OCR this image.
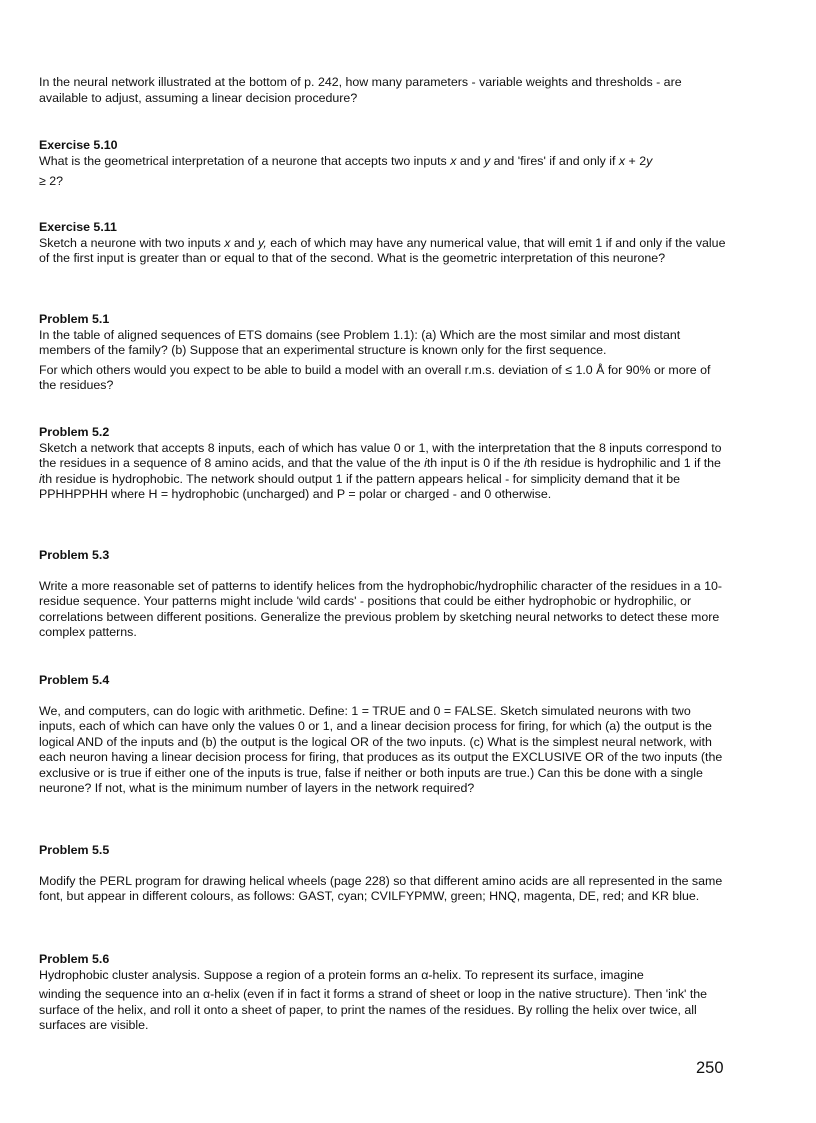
In the neural network illustrated at the bottom of p. 242, how many parameters - variable weights and thresholds - are available to adjust, assuming a linear decision procedure?
Exercise 5.10
What is the geometrical interpretation of a neurone that accepts two inputs x and y and 'fires' if and only if x + 2y
≥ 2?
Exercise 5.11
Sketch a neurone with two inputs x and y, each of which may have any numerical value, that will emit 1 if and only if the value of the first input is greater than or equal to that of the second. What is the geometric interpretation of this neurone?
Problem 5.1
In the table of aligned sequences of ETS domains (see Problem 1.1): (a) Which are the most similar and most distant members of the family? (b) Suppose that an experimental structure is known only for the first sequence.
For which others would you expect to be able to build a model with an overall r.m.s. deviation of ≤ 1.0 Å for 90% or more of the residues?
Problem 5.2
Sketch a network that accepts 8 inputs, each of which has value 0 or 1, with the interpretation that the 8 inputs correspond to the residues in a sequence of 8 amino acids, and that the value of the ith input is 0 if the ith residue is hydrophilic and 1 if the ith residue is hydrophobic. The network should output 1 if the pattern appears helical - for simplicity demand that it be PPHHPPHH where H = hydrophobic (uncharged) and P = polar or charged - and 0 otherwise.
Problem 5.3
Write a more reasonable set of patterns to identify helices from the hydrophobic/hydrophilic character of the residues in a 10-residue sequence. Your patterns might include 'wild cards' - positions that could be either hydrophobic or hydrophilic, or correlations between different positions. Generalize the previous problem by sketching neural networks to detect these more complex patterns.
Problem 5.4
We, and computers, can do logic with arithmetic. Define: 1 = TRUE and 0 = FALSE. Sketch simulated neurons with two inputs, each of which can have only the values 0 or 1, and a linear decision process for firing, for which (a) the output is the logical AND of the inputs and (b) the output is the logical OR of the two inputs. (c) What is the simplest neural network, with each neuron having a linear decision process for firing, that produces as its output the EXCLUSIVE OR of the two inputs (the exclusive or is true if either one of the inputs is true, false if neither or both inputs are true.) Can this be done with a single neurone? If not, what is the minimum number of layers in the network required?
Problem 5.5
Modify the PERL program for drawing helical wheels (page 228) so that different amino acids are all represented in the same font, but appear in different colours, as follows: GAST, cyan; CVILFYPMW, green; HNQ, magenta, DE, red; and KR blue.
Problem 5.6
Hydrophobic cluster analysis. Suppose a region of a protein forms an α-helix. To represent its surface, imagine
winding the sequence into an α-helix (even if in fact it forms a strand of sheet or loop in the native structure). Then 'ink' the surface of the helix, and roll it onto a sheet of paper, to print the names of the residues. By rolling the helix over twice, all surfaces are visible.
250
